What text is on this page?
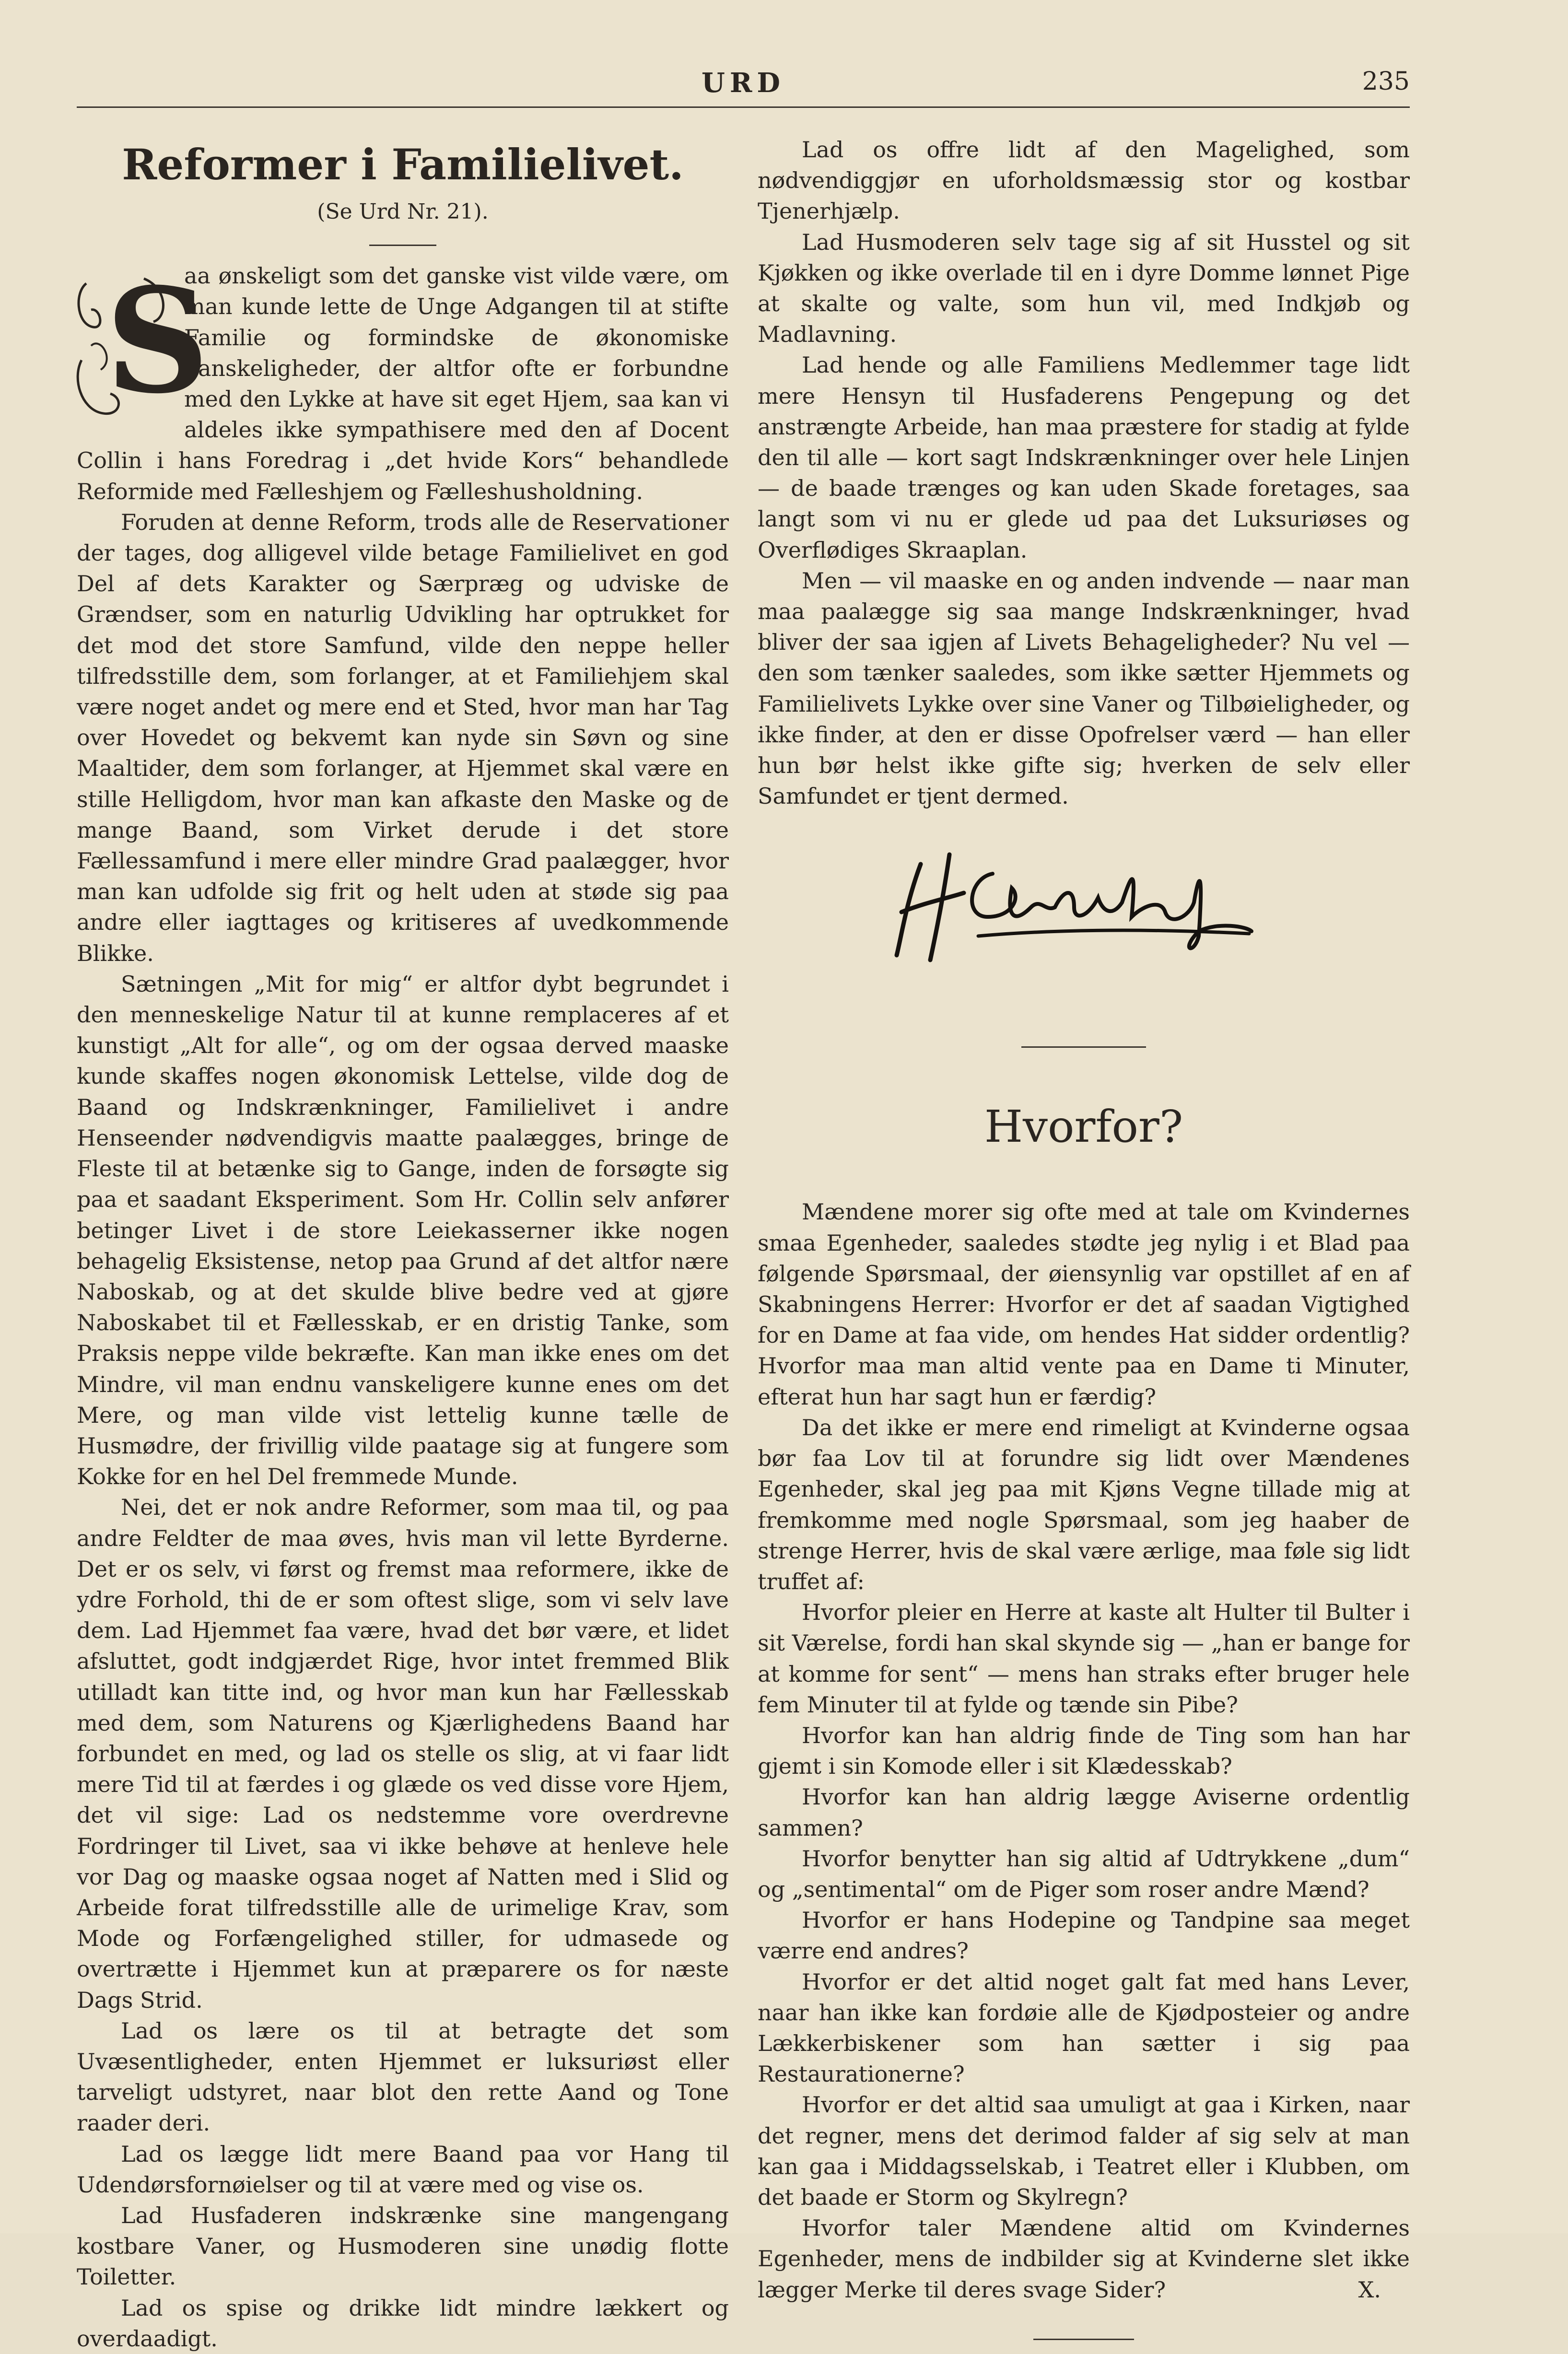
URD	235
Reformer i Familielivet.
(Se Urd Nr. 21).

S
aa ønskeligt som det ganske vist vilde være, om man kunde lette de Unge Adgangen til at stifte Familie og formindske de økonomiske Vanskeligheder, der altfor ofte er forbundne med den Lykke at have sit eget Hjem, saa kan vi aldeles ikke sympathisere med den af Docent Collin i hans Foredrag i „det hvide Kors“ behandlede Reformide med Fælleshjem og Fælleshusholdning.

Foruden at denne Reform, trods alle de Reservationer der tages, dog alligevel vilde betage Familielivet en god Del af dets Karakter og Særpræg og udviske de Grændser, som en naturlig Udvikling har optrukket for det mod det store Samfund, vilde den neppe heller tilfredsstille dem, som forlanger, at et Familiehjem skal være noget andet og mere end et Sted, hvor man har Tag over Hovedet og bekvemt kan nyde sin Søvn og sine Maaltider, dem som forlanger, at Hjemmet skal være en stille Helligdom, hvor man kan afkaste den Maske og de mange Baand, som Virket derude i det store Fællessamfund i mere eller mindre Grad paalægger, hvor man kan udfolde sig frit og helt uden at støde sig paa andre eller iagttages og kritiseres af uvedkommende Blikke.

Sætningen „Mit for mig“ er altfor dybt begrundet i den menneskelige Natur til at kunne remplaceres af et kunstigt „Alt for alle“, og om der ogsaa derved maaske kunde skaffes nogen økonomisk Lettelse, vilde dog de Baand og Indskrænkninger, Familielivet i andre Henseender nødvendigvis maatte paalægges, bringe de Fleste til at betænke sig to Gange, inden de forsøgte sig paa et saadant Eksperiment. Som Hr. Collin selv anfører betinger Livet i de store Leiekasserner ikke nogen behagelig Eksistense, netop paa Grund af det altfor nære Naboskab, og at det skulde blive bedre ved at gjøre Naboskabet til et Fællesskab, er en dristig Tanke, som Praksis neppe vilde bekræfte. Kan man ikke enes om det Mindre, vil man endnu vanskeligere kunne enes om det Mere, og man vilde vist lettelig kunne tælle de Husmødre, der frivillig vilde paatage sig at fungere som Kokke for en hel Del fremmede Munde.

Nei, det er nok andre Reformer, som maa til, og paa andre Feldter de maa øves, hvis man vil lette Byrderne. Det er os selv, vi først og fremst maa reformere, ikke de ydre Forhold, thi de er som oftest slige, som vi selv lave dem. Lad Hjemmet faa være, hvad det bør være, et lidet afsluttet, godt indgjærdet Rige, hvor intet fremmed Blik utilladt kan titte ind, og hvor man kun har Fællesskab med dem, som Naturens og Kjærlighedens Baand har forbundet en med, og lad os stelle os slig, at vi faar lidt mere Tid til at færdes i og glæde os ved disse vore Hjem, det vil sige: Lad os nedstemme vore overdrevne Fordringer til Livet, saa vi ikke behøve at henleve hele vor Dag og maaske ogsaa noget af Natten med i Slid og Arbeide forat tilfredsstille alle de urimelige Krav, som Mode og Forfængelighed stiller, for udmasede og overtrætte i Hjemmet kun at præparere os for næste Dags Strid.

Lad os lære os til at betragte det som Uvæsentligheder, enten Hjemmet er luksuriøst eller tarveligt udstyret, naar blot den rette Aand og Tone raader deri.

Lad os lægge lidt mere Baand paa vor Hang til Udendørsfornøielser og til at være med og vise os.

Lad Husfaderen indskrænke sine mangengang kostbare Vaner, og Husmoderen sine unødig flotte Toiletter.

Lad os spise og drikke lidt mindre lækkert og overdaadigt.

Lad os offre lidt af den Magelighed, som nødvendiggjør en uforholdsmæssig stor og kostbar Tjenerhjælp.

Lad Husmoderen selv tage sig af sit Husstel og sit Kjøkken og ikke overlade til en i dyre Domme lønnet Pige at skalte og valte, som hun vil, med Indkjøb og Madlavning.

Lad hende og alle Familiens Medlemmer tage lidt mere Hensyn til Husfaderens Pengepung og det anstrængte Arbeide, han maa præstere for stadig at fylde den til alle — kort sagt Indskrænkninger over hele Linjen — de baade trænges og kan uden Skade foretages, saa langt som vi nu er glede ud paa det Luksuriøses og Overflødiges Skraaplan.

Men — vil maaske en og anden indvende — naar man maa paalægge sig saa mange Indskrænkninger, hvad bliver der saa igjen af Livets Behageligheder? Nu vel — den som tænker saaledes, som ikke sætter Hjemmets og Familielivets Lykke over sine Vaner og Tilbøieligheder, og ikke finder, at den er disse Opofrelser værd — han eller hun bør helst ikke gifte sig; hverken de selv eller Samfundet er tjent dermed.

Hvorfor?

Mændene morer sig ofte med at tale om Kvindernes smaa Egenheder, saaledes stødte jeg nylig i et Blad paa følgende Spørsmaal, der øiensynlig var opstillet af en af Skabningens Herrer: Hvorfor er det af saadan Vigtighed for en Dame at faa vide, om hendes Hat sidder ordentlig? Hvorfor maa man altid vente paa en Dame ti Minuter, efterat hun har sagt hun er færdig?

Da det ikke er mere end rimeligt at Kvinderne ogsaa bør faa Lov til at forundre sig lidt over Mændenes Egenheder, skal jeg paa mit Kjøns Vegne tillade mig at fremkomme med nogle Spørsmaal, som jeg haaber de strenge Herrer, hvis de skal være ærlige, maa føle sig lidt truffet af:

Hvorfor pleier en Herre at kaste alt Hulter til Bulter i sit Værelse, fordi han skal skynde sig — „han er bange for at komme for sent“ — mens han straks efter bruger hele fem Minuter til at fylde og tænde sin Pibe?

Hvorfor kan han aldrig finde de Ting som han har gjemt i sin Komode eller i sit Klædesskab?

Hvorfor kan han aldrig lægge Aviserne ordentlig sammen?

Hvorfor benytter han sig altid af Udtrykkene „dum“ og „sentimental“ om de Piger som roser andre Mænd?

Hvorfor er hans Hodepine og Tandpine saa meget værre end andres?

Hvorfor er det altid noget galt fat med hans Lever, naar han ikke kan fordøie alle de Kjødposteier og andre Lækkerbiskener som han sætter i sig paa Restaurationerne?

Hvorfor er det altid saa umuligt at gaa i Kirken, naar det regner, mens det derimod falder af sig selv at man kan gaa i Middagsselskab, i Teatret eller i Klubben, om det baade er Storm og Skylregn?

Hvorfor taler Mændene altid om Kvindernes Egenheder, mens de indbilder sig at Kvinderne slet ikke lægger Merke til deres svage Sider?	X.
